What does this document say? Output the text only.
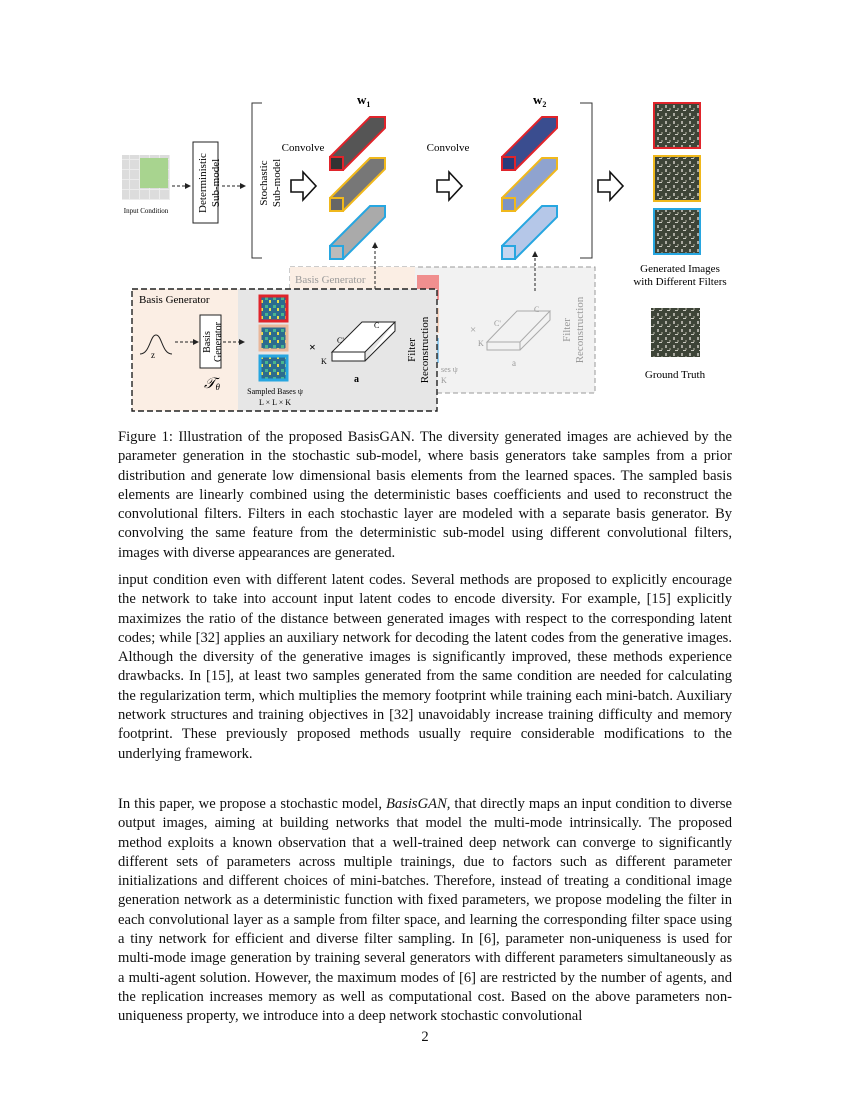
Input Condition	Deterministic Sub-model	Stochastic Sub-model
Convolve
$w_1$
Convolve
$w_2$
Generated Images
with Different Filters
Ground Truth
Basis Generator
ses ψ
K
×
C
C'
K
a
Filter Reconstruction
Basis Generator
z
Basis Generator
𝒯θ	Sampled Bases ψ
L × L × K
×
C
C'
K
a
Filter Reconstruction

Figure 1: Illustration of the proposed BasisGAN. The diversity generated images are achieved by the parameter generation in the stochastic sub-model, where basis generators take samples from a prior distribution and generate low dimensional basis elements from the learned spaces. The sampled basis elements are linearly combined using the deterministic bases coefficients and used to reconstruct the convolutional filters. Filters in each stochastic layer are modeled with a separate basis generator. By convolving the same feature from the deterministic sub-model using different convolutional filters, images with diverse appearances are generated.

input condition even with different latent codes. Several methods are proposed to explicitly encourage the network to take into account input latent codes to encode diversity. For example, [15] explicitly maximizes the ratio of the distance between generated images with respect to the corresponding latent codes; while [32] applies an auxiliary network for decoding the latent codes from the generative images. Although the diversity of the generative images is significantly improved, these methods experience drawbacks. In [15], at least two samples generated from the same condition are needed for calculating the regularization term, which multiplies the memory footprint while training each mini-batch. Auxiliary network structures and training objectives in [32] unavoidably increase training difficulty and memory footprint. These previously proposed methods usually require considerable modifications to the underlying framework.

In this paper, we propose a stochastic model, BasisGAN, that directly maps an input condition to diverse output images, aiming at building networks that model the multi-mode intrinsically. The proposed method exploits a known observation that a well-trained deep network can converge to significantly different sets of parameters across multiple trainings, due to factors such as different parameter initializations and different choices of mini-batches. Therefore, instead of treating a conditional image generation network as a deterministic function with fixed parameters, we propose modeling the filter in each convolutional layer as a sample from filter space, and learning the corresponding filter space using a tiny network for efficient and diverse filter sampling. In [6], parameter non-uniqueness is used for multi-mode image generation by training several generators with different parameters simultaneously as a multi-agent solution. However, the maximum modes of [6] are restricted by the number of agents, and the replication increases memory as well as computational cost. Based on the above parameters non-uniqueness property, we introduce into a deep network stochastic convolutional

2
